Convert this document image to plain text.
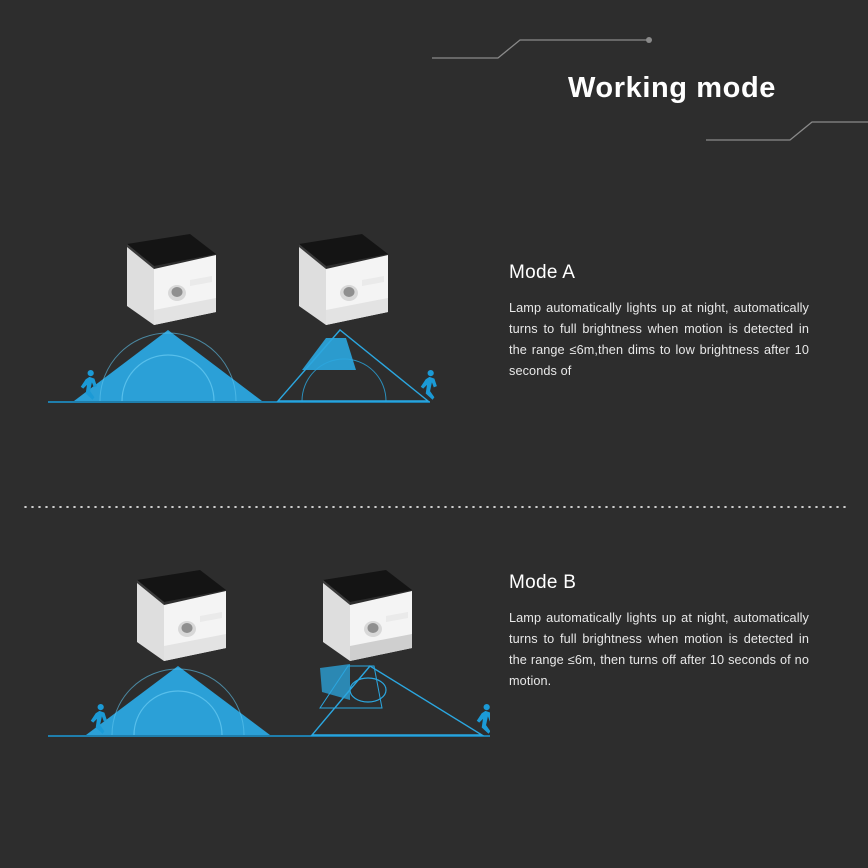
Working mode
Mode A

Lamp automatically lights up at night, automatically turns to full brightness when motion is detected in the range ≤6m,then dims to low brightness after 10 seconds of

Mode B

Lamp automatically lights up at night, automatically turns to full brightness when motion is detected in the range ≤6m, then turns off after 10 seconds of no motion.
